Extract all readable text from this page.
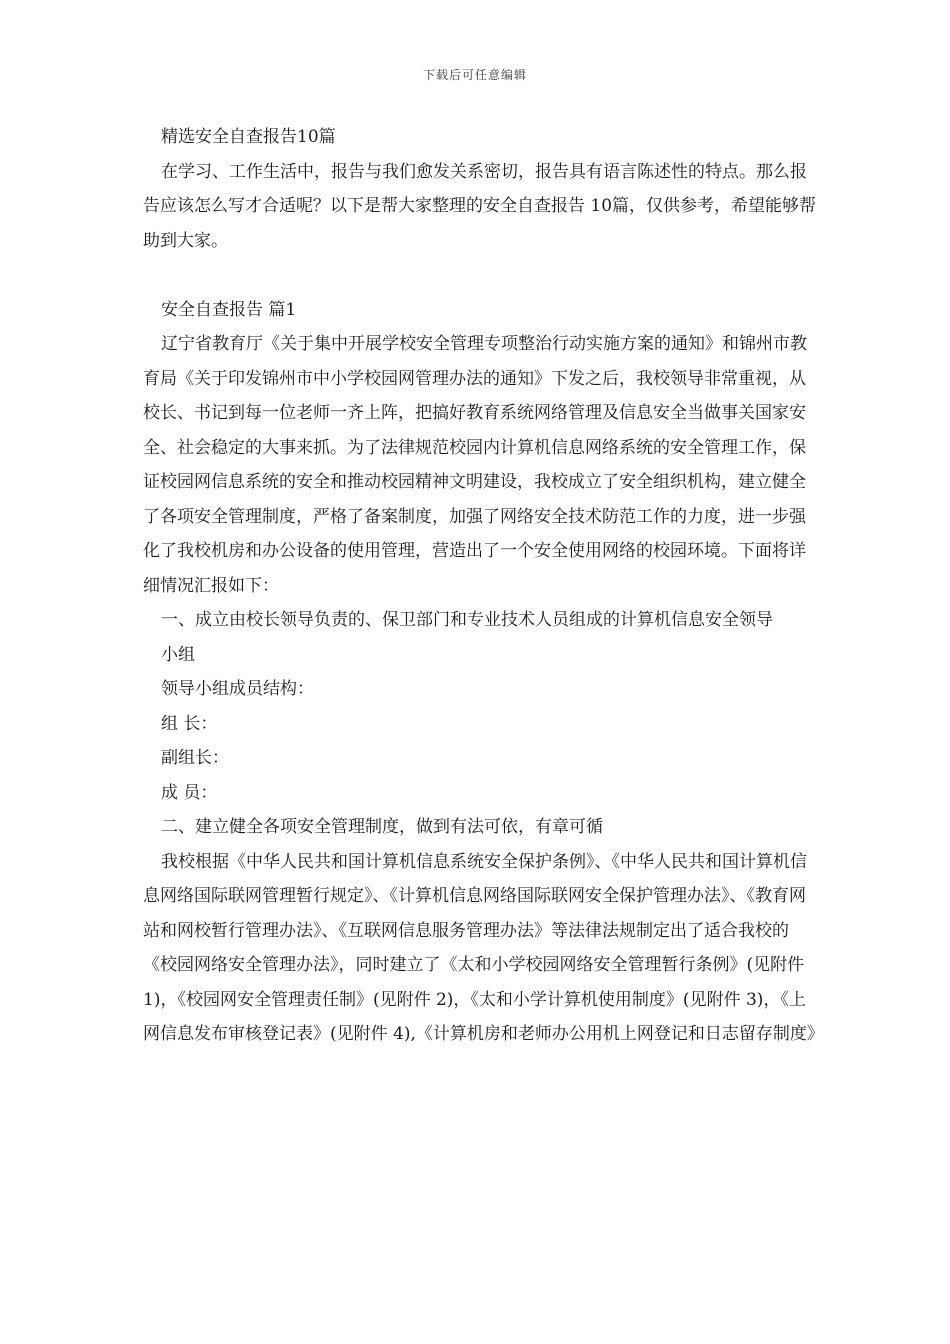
下载后可任意编辑

精选安全自查报告10篇

在学习、工作生活中，报告与我们愈发关系密切，报告具有语言陈述性的特点。那么报告应该怎么写才合适呢？以下是帮大家整理的安全自查报告 10篇，仅供参考，希望能够帮助到大家。

安全自查报告 篇1

辽宁省教育厅《关于集中开展学校安全管理专项整治行动实施方案的通知》和锦州市教育局《关于印发锦州市中小学校园网管理办法的通知》下发之后，我校领导非常重视，从校长、书记到每一位老师一齐上阵，把搞好教育系统网络管理及信息安全当做事关国家安全、社会稳定的大事来抓。为了法律规范校园内计算机信息网络系统的安全管理工作，保证校园网信息系统的安全和推动校园精神文明建设，我校成立了安全组织机构，建立健全了各项安全管理制度，严格了备案制度，加强了网络安全技术防范工作的力度，进一步强化了我校机房和办公设备的使用管理，营造出了一个安全使用网络的校园环境。下面将详细情况汇报如下：

一、成立由校长领导负责的、保卫部门和专业技术人员组成的计算机信息安全领导

小组

领导小组成员结构：

组 长：

副组长：

成 员：

二、建立健全各项安全管理制度，做到有法可依，有章可循

我校根据《中华人民共和国计算机信息系统安全保护条例》、《中华人民共和国计算机信息网络国际联网管理暂行规定》、《计算机信息网络国际联网安全保护管理办法》、《教育网站和网校暂行管理办法》、《互联网信息服务管理办法》等法律法规制定出了适合我校的《校园网络安全管理办法》，同时建立了《太和小学校园网络安全管理暂行条例》(见附件 1)，《校园网安全管理责任制》(见附件 2)，《太和小学计算机使用制度》(见附件 3)，《上网信息发布审核登记表》(见附件 4),《计算机房和老师办公用机上网登记和日志留存制度》
